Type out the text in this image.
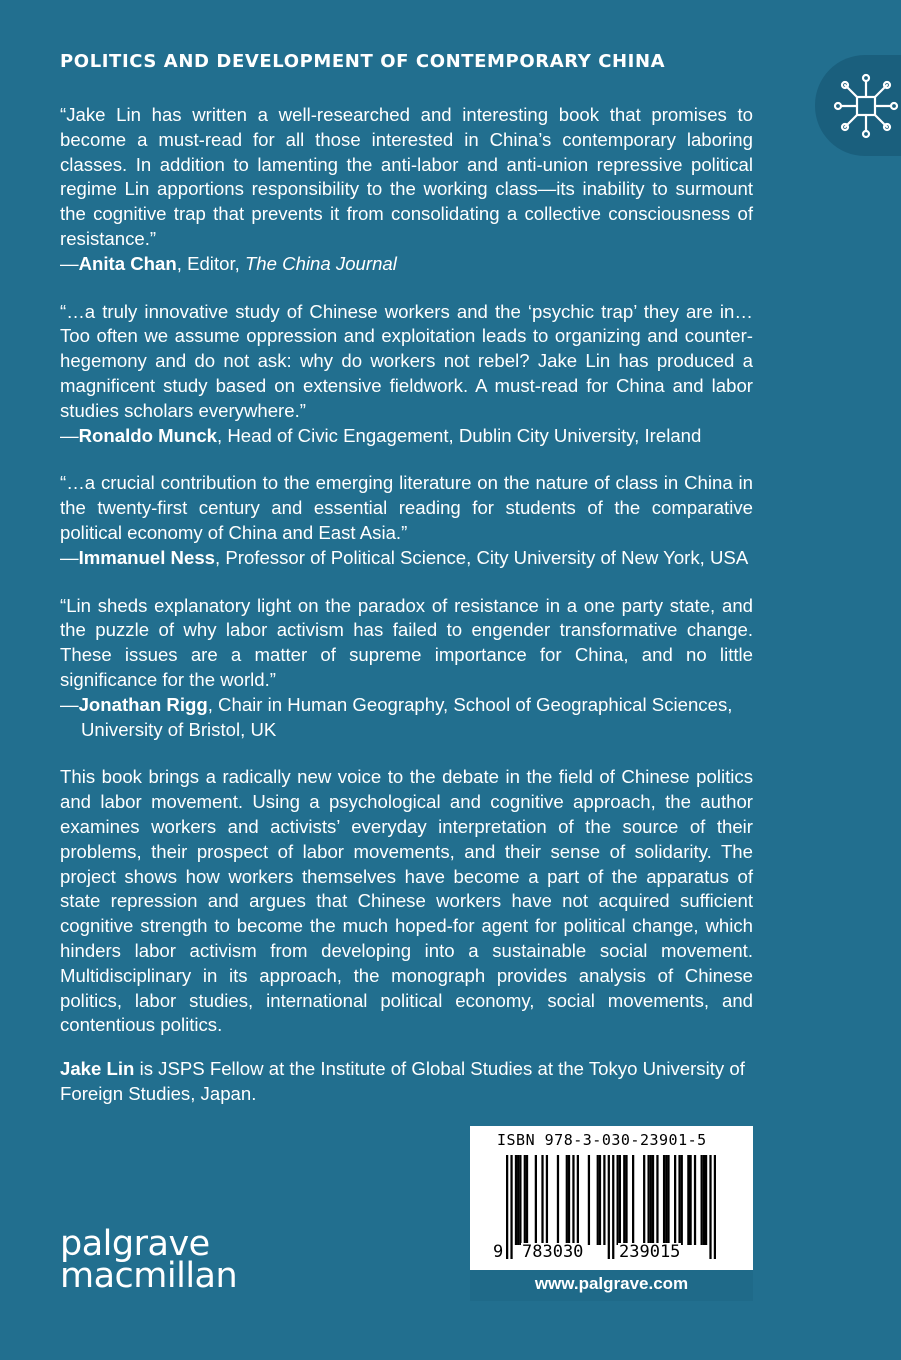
POLITICS AND DEVELOPMENT OF CONTEMPORARY CHINA

“Jake Lin has written a well-researched and interesting book that promises to become a must-read for all those interested in China’s contemporary laboring classes. In addition to lamenting the anti-labor and anti-union repressive political regime Lin apportions responsibility to the working class—its inability to surmount the cognitive trap that prevents it from consolidating a collective consciousness of resistance.”

—Anita Chan, Editor, The China Journal

“…a truly innovative study of Chinese workers and the ‘psychic trap’ they are in… Too often we assume oppression and exploitation leads to organizing and counter-hegemony and do not ask: why do workers not rebel? Jake Lin has produced a magnificent study based on extensive fieldwork. A must-read for China and labor studies scholars everywhere.”

—Ronaldo Munck, Head of Civic Engagement, Dublin City University, Ireland

“…a crucial contribution to the emerging literature on the nature of class in China in the twenty-first century and essential reading for students of the comparative political economy of China and East Asia.”

—Immanuel Ness, Professor of Political Science, City University of New York, USA

“Lin sheds explanatory light on the paradox of resistance in a one party state, and the puzzle of why labor activism has failed to engender transformative change. These issues are a matter of supreme importance for China, and no little significance for the world.”

—Jonathan Rigg, Chair in Human Geography, School of Geographical Sciences, University of Bristol, UK

This book brings a radically new voice to the debate in the field of Chinese politics and labor movement. Using a psychological and cognitive approach, the author examines workers and activists’ everyday interpretation of the source of their problems, their prospect of labor movements, and their sense of solidarity. The project shows how workers themselves have become a part of the apparatus of state repression and argues that Chinese workers have not acquired sufficient cognitive strength to become the much hoped-for agent for political change, which hinders labor activism from developing into a sustainable social movement. Multidisciplinary in its approach, the monograph provides analysis of Chinese politics, labor studies, international political economy, social movements, and contentious politics.

Jake Lin is JSPS Fellow at the Institute of Global Studies at the Tokyo University of Foreign Studies, Japan.

ISBN 978-3-030-23901-5
9 783030 239015
www.palgrave.com
palgrave
macmillan
